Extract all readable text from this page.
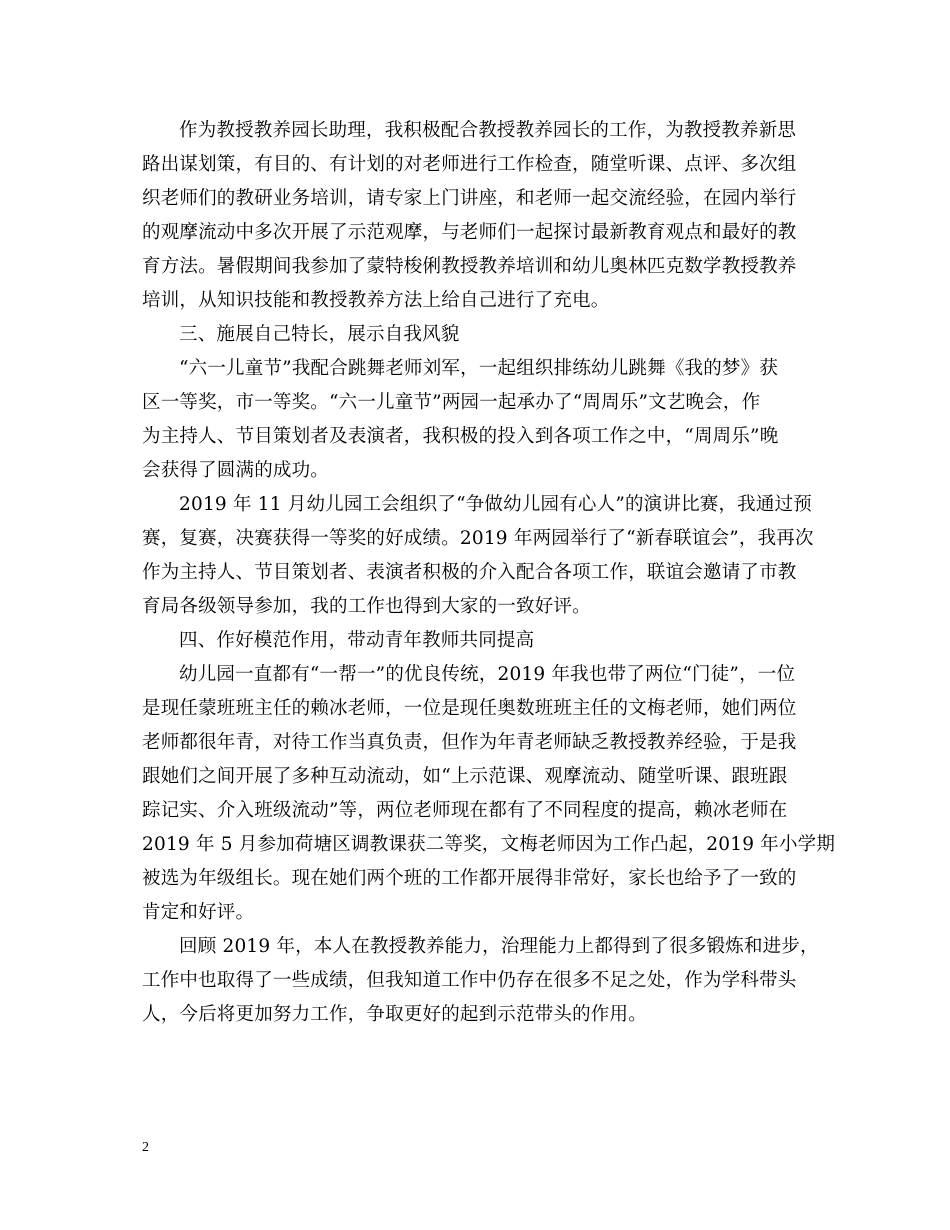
作为教授教养园长助理，我积极配合教授教养园长的工作，为教授教养新思
路出谋划策，有目的、有计划的对老师进行工作检查，随堂听课、点评、多次组
织老师们的教研业务培训，请专家上门讲座，和老师一起交流经验，在园内举行
的观摩流动中多次开展了示范观摩，与老师们一起探讨最新教育观点和最好的教
育方法。暑假期间我参加了蒙特梭俐教授教养培训和幼儿奥林匹克数学教授教养
培训，从知识技能和教授教养方法上给自己进行了充电。
三、施展自己特长，展示自我风貌
“六一儿童节”我配合跳舞老师刘军，一起组织排练幼儿跳舞《我的梦》获
区一等奖，市一等奖。“六一儿童节”两园一起承办了“周周乐”文艺晚会，作
为主持人、节目策划者及表演者，我积极的投入到各项工作之中，“周周乐”晚
会获得了圆满的成功。
2019 年 11 月幼儿园工会组织了“争做幼儿园有心人”的演讲比赛，我通过预
赛，复赛，决赛获得一等奖的好成绩。2019 年两园举行了“新春联谊会”，我再次
作为主持人、节目策划者、表演者积极的介入配合各项工作，联谊会邀请了市教
育局各级领导参加，我的工作也得到大家的一致好评。
四、作好模范作用，带动青年教师共同提高
幼儿园一直都有“一帮一”的优良传统，2019 年我也带了两位“门徒”，一位
是现任蒙班班主任的赖冰老师，一位是现任奥数班班主任的文梅老师，她们两位
老师都很年青，对待工作当真负责，但作为年青老师缺乏教授教养经验，于是我
跟她们之间开展了多种互动流动，如“上示范课、观摩流动、随堂听课、跟班跟
踪记实、介入班级流动”等，两位老师现在都有了不同程度的提高，赖冰老师在
2019 年 5 月参加荷塘区调教课获二等奖，文梅老师因为工作凸起，2019 年小学期
被选为年级组长。现在她们两个班的工作都开展得非常好，家长也给予了一致的
肯定和好评。
回顾 2019 年，本人在教授教养能力，治理能力上都得到了很多锻炼和进步，
工作中也取得了一些成绩，但我知道工作中仍存在很多不足之处，作为学科带头
人，今后将更加努力工作，争取更好的起到示范带头的作用。
2
